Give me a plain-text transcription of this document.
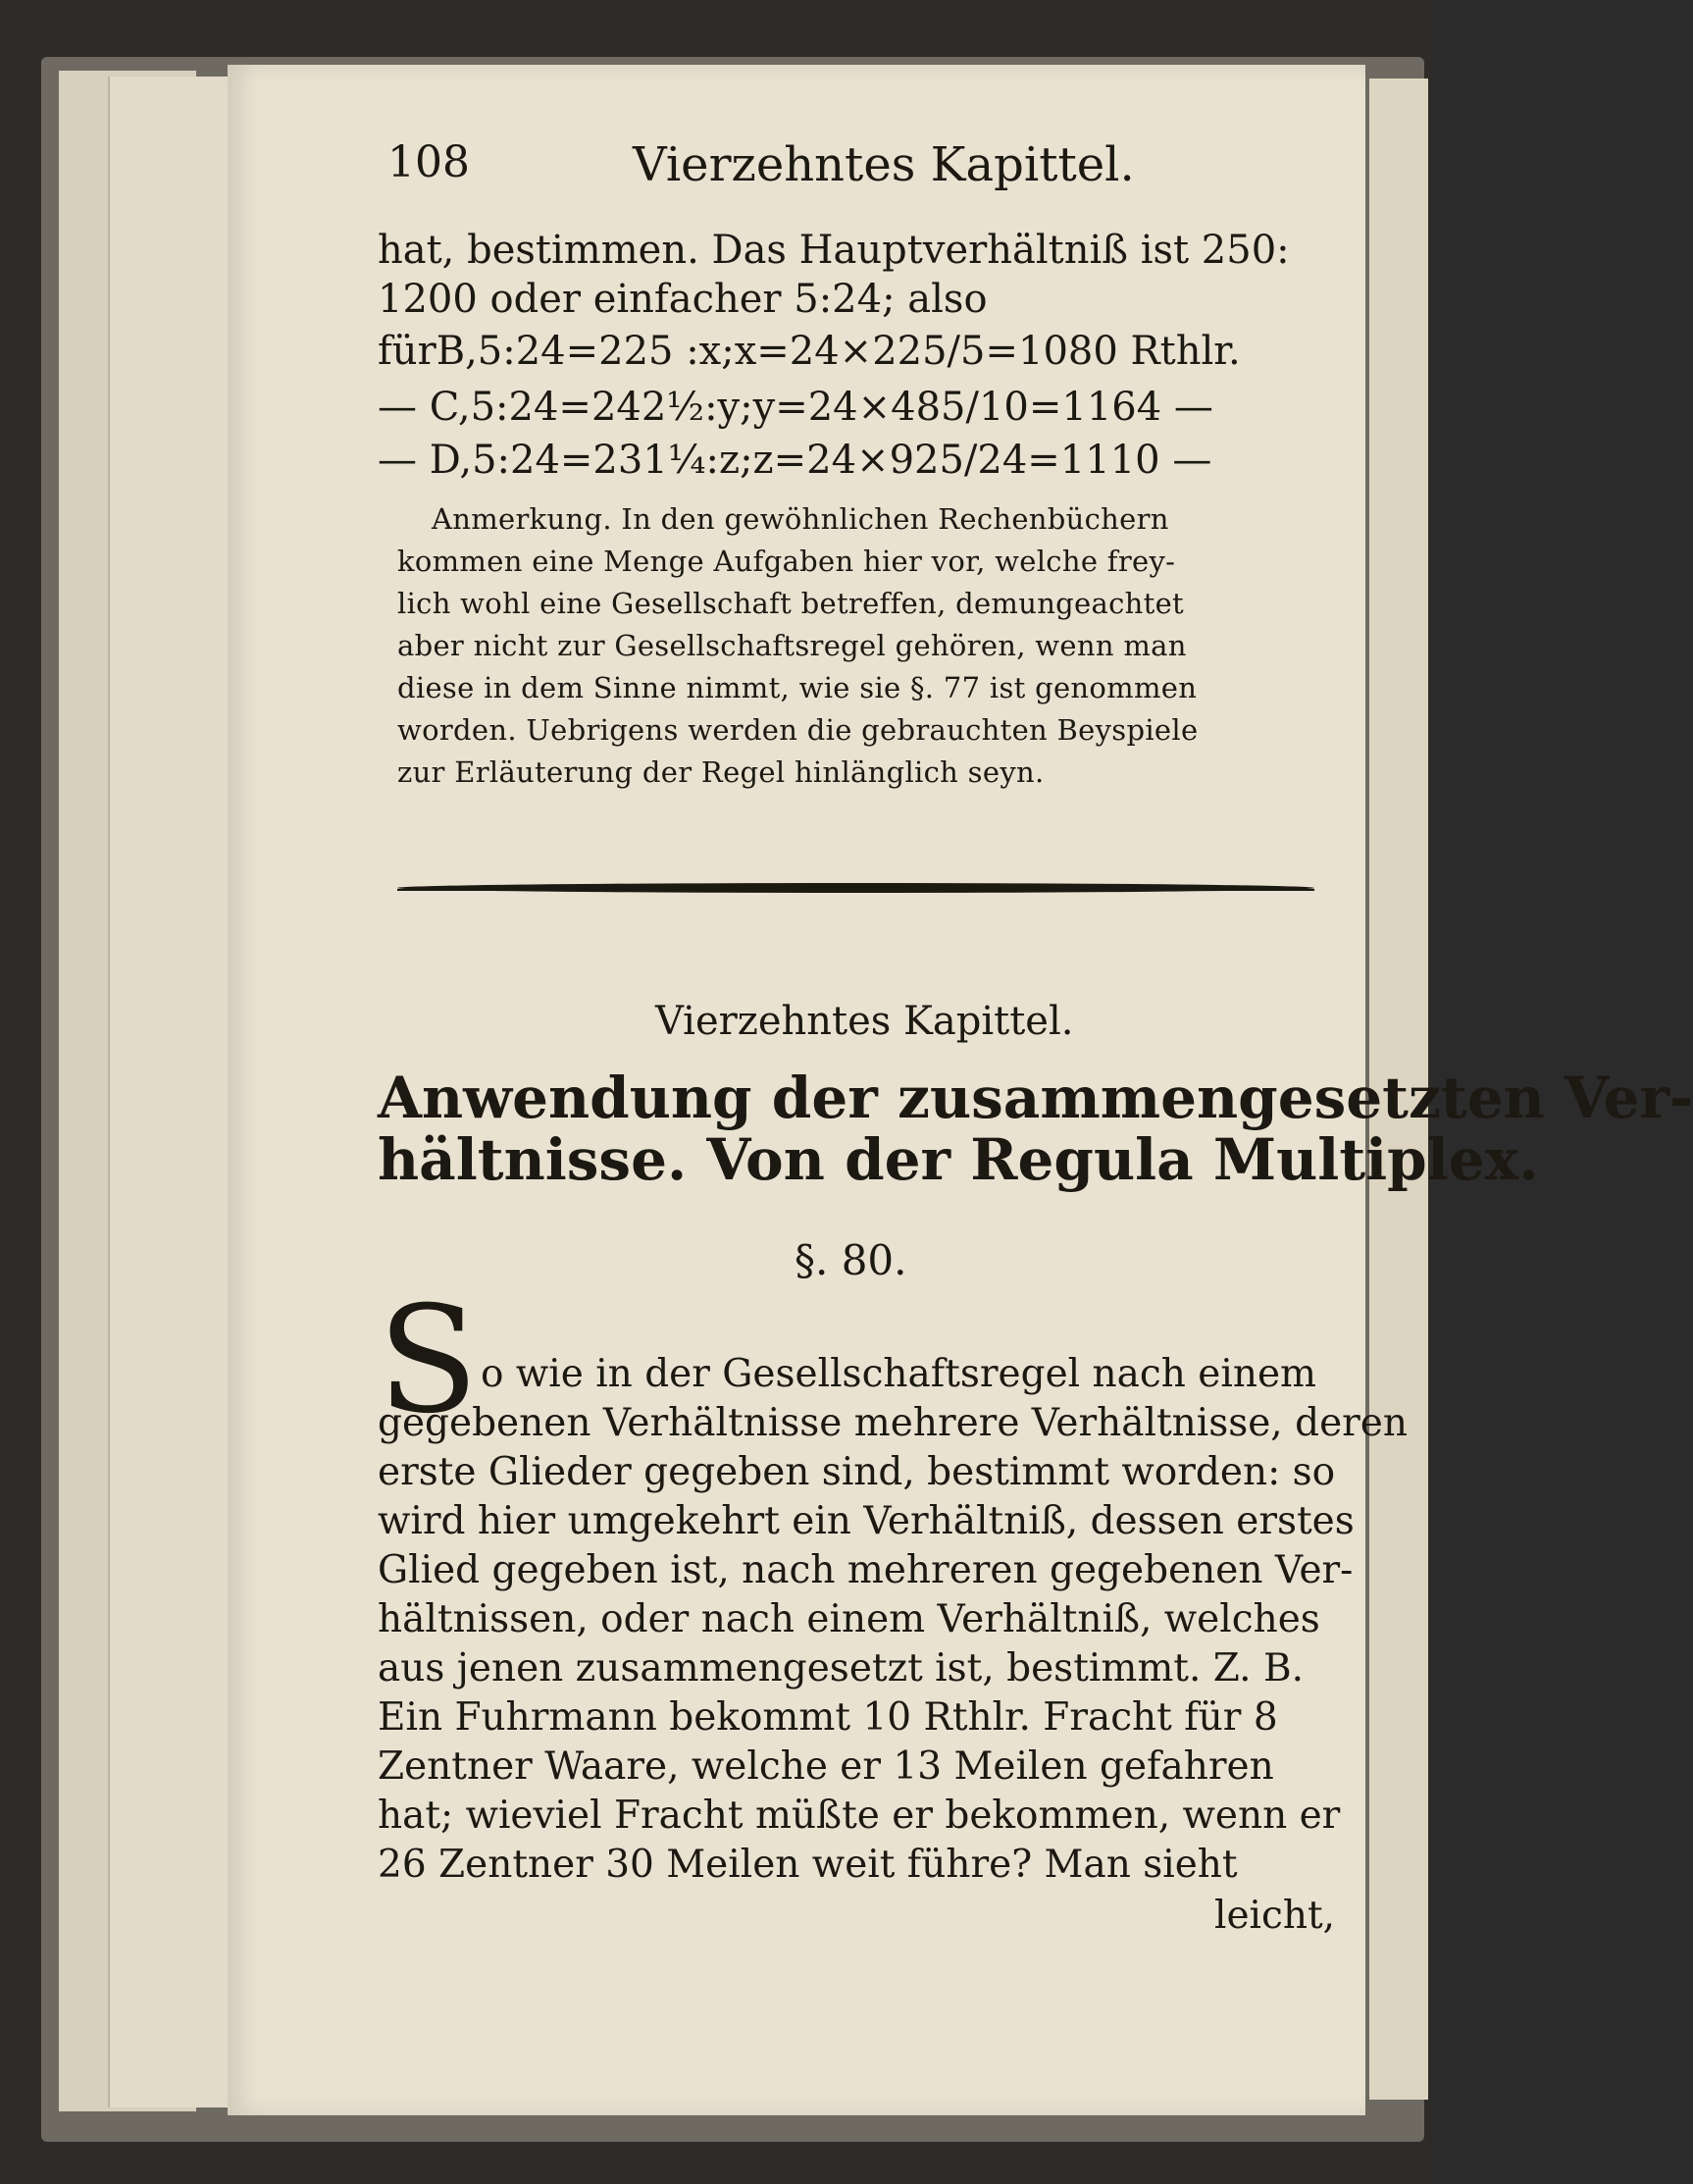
108	Vierzehntes Kapittel.
hat, bestimmen. Das Hauptverhältniß ist 250:
1200 oder einfacher 5:24; also
fürB,5:24=225 :x;x=24×225/5=1080 Rthlr.
— C,5:24=242½:y;y=24×485/10=1164 —
— D,5:24=231¼:z;z=24×925/24=1110 —
Anmerkung. In den gewöhnlichen Rechenbüchern
kommen eine Menge Aufgaben hier vor, welche frey-
lich wohl eine Gesellschaft betreffen, demungeachtet
aber nicht zur Gesellschaftsregel gehören, wenn man
diese in dem Sinne nimmt, wie sie §. 77 ist genommen
worden. Uebrigens werden die gebrauchten Beyspiele
zur Erläuterung der Regel hinlänglich seyn.
Vierzehntes Kapittel.
Anwendung der zusammengesetzten Ver-
hältnisse. Von der Regula Multiplex.
§. 80.
S o wie in der Gesellschaftsregel nach einem
gegebenen Verhältnisse mehrere Verhältnisse, deren
erste Glieder gegeben sind, bestimmt worden: so
wird hier umgekehrt ein Verhältniß, dessen erstes
Glied gegeben ist, nach mehreren gegebenen Ver-
hältnissen, oder nach einem Verhältniß, welches
aus jenen zusammengesetzt ist, bestimmt. Z. B.
Ein Fuhrmann bekommt 10 Rthlr. Fracht für 8
Zentner Waare, welche er 13 Meilen gefahren
hat; wieviel Fracht müßte er bekommen, wenn er
26 Zentner 30 Meilen weit führe? Man sieht
leicht,
